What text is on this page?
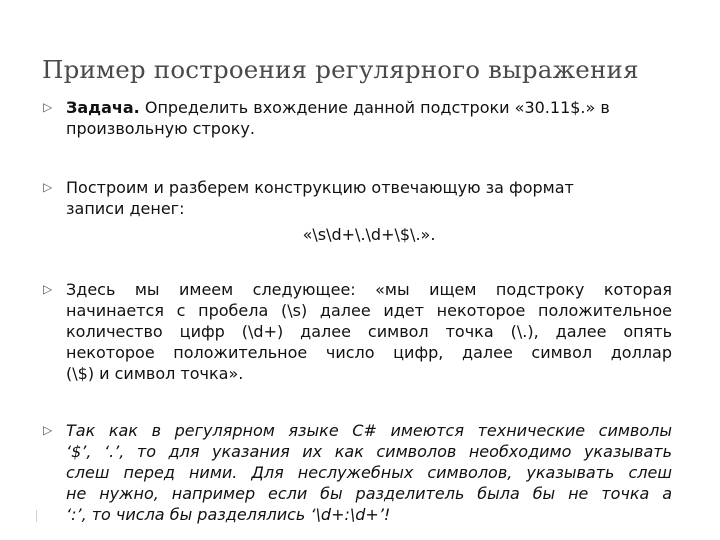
Пример построения регулярного выражения
▷ Задача. Определить вхождение данной подстроки «30.11$.» в
произвольную строку.
▷ Построим и разберем конструкцию отвечающую за формат
записи денег:
«\s\d+\.\d+\$\.».
▷ Здесь мы имеем следующее: «мы ищем подстроку которая
начинается с пробела (\s) далее идет некоторое положительное
количество цифр (\d+) далее символ точка (\.), далее опять
некоторое положительное число цифр, далее символ доллар
(\$) и символ точка».
▷ Так как в регулярном языке C# имеются технические символы
‘$’, ‘.’, то для указания их как символов необходимо указывать
слеш перед ними. Для неслужебных символов, указывать слеш
не нужно, например если бы разделитель была бы не точка а
‘:’, то числа бы разделялись ‘\d+:\d+’!
